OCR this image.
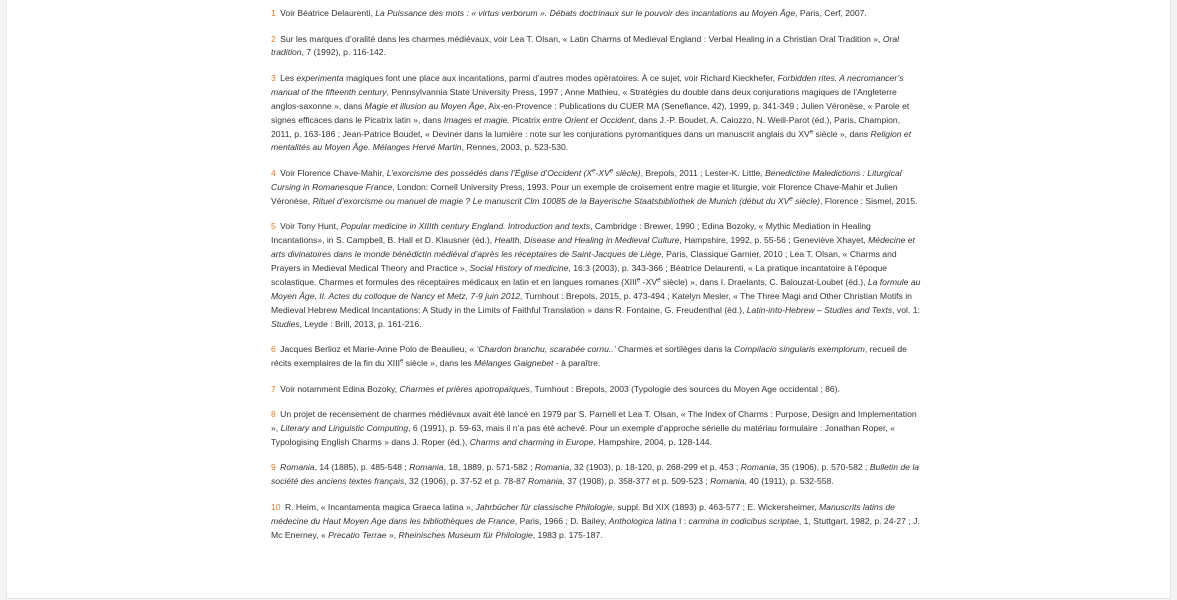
1 Voir Béatrice Delaurenti, La Puissance des mots : « virtus verborum ». Débats doctrinaux sur le pouvoir des incantations au Moyen Âge, Paris, Cerf, 2007.

2 Sur les marques d’oralité dans les charmes médiévaux, voir Lea T. Olsan, « Latin Charms of Medieval England : Verbal Healing in a Christian Oral Tradition », Oral tradition, 7 (1992), p. 116-142.

3 Les experimenta magiques font une place aux incantations, parmi d’autres modes opératoires. À ce sujet, voir Richard Kieckhefer, Forbidden rites. A necromancer’s manual of the fifteenth century, Pennsylvannia State University Press, 1997 ; Anne Mathieu, « Stratégies du double dans deux conjurations magiques de l’Angleterre anglos-saxonne », dans Magie et illusion au Moyen Âge, Aix-en-Provence : Publications du CUER MA (Senefiance, 42), 1999, p. 341-349 ; Julien Véronèse, « Parole et signes efficaces dans le Picatrix latin », dans Images et magie. Picatrix entre Orient et Occident, dans J.-P. Boudet, A. Caiozzo, N. Weill-Parot (éd.), Paris, Champion, 2011, p. 163-186 ; Jean-Patrice Boudet, « Deviner dans la lumière : note sur les conjurations pyromantiques dans un manuscrit anglais du XVe siècle », dans Religion et mentalités au Moyen Âge. Mélanges Hervé Martin, Rennes, 2003, p. 523-530.

4 Voir Florence Chave-Mahir, L’exorcisme des possédés dans l’Église d’Occident (Xe-XVe siècle), Brepols, 2011 ; Lester-K. Little, Benedictine Maledictions : Liturgical Cursing in Romanesque France, London: Cornell University Press, 1993. Pour un exemple de croisement entre magie et liturgie, voir Florence Chave-Mahir et Julien Véronèse, Rituel d’exorcisme ou manuel de magie ? Le manuscrit Clm 10085 de la Bayerische Staatsbibliothek de Munich (début du XVe siècle), Florence : Sismel, 2015.

5 Voir Tony Hunt, Popular medicine in XIIIth century England. Introduction and texts, Cambridge : Brewer, 1990 ; Edina Bozoky, « Mythic Mediation in Healing Incantations», in S. Campbell, B. Hall et D. Klausner (éd.), Health, Disease and Healing in Medieval Culture, Hampshire, 1992, p. 55-56 ; Geneviève Xhayet, Médecine et arts divinatoires dans le monde bénédictin médiéval d’après les réceptaires de Saint-Jacques de Liège, Paris, Classique Garnier, 2010 ; Lea T. Olsan, « Charms and Prayers in Medieval Medical Theory and Practice », Social History of medicine, 16:3 (2003), p. 343-366 ; Béatrice Delaurenti, « La pratique incantatoire à l’époque scolastique. Charmes et formules des réceptaires médicaux en latin et en langues romanes (XIIIe -XVe siècle) », dans I. Draelants, C. Balouzat-Loubet (éd.), La formule au Moyen Âge, II. Actes du colloque de Nancy et Metz, 7-9 juin 2012, Turnhout : Brepols, 2015, p. 473-494 ; Katelyn Mesler, « The Three Magi and Other Christian Motifs in Medieval Hebrew Medical Incantations: A Study in the Limits of Faithful Translation » dans R. Fontaine, G. Freudenthal (éd.), Latin-into-Hebrew – Studies and Texts, vol. 1: Studies, Leyde : Brill, 2013, p. 161-216.

6 Jacques Berlioz et Marie-Anne Polo de Beaulieu, « ‘Chardon branchu, scarabée cornu..’ Charmes et sortilèges dans la Compilacio singularis exemplorum, recueil de récits exemplaires de la fin du XIIIe siècle », dans les Mélanges Gaignebet - à paraître.

7 Voir notamment Edina Bozoky, Charmes et prières apotropaïques, Turnhout : Brepols, 2003 (Typologie des sources du Moyen Age occidental ; 86).

8 Un projet de recensement de charmes médiévaux avait été lancé en 1979 par S. Parnell et Lea T. Olsan, « The Index of Charms : Purpose, Design and Implementation », Literary and Linguistic Computing, 6 (1991), p. 59-63, mais il n’a pas été achevé. Pour un exemple d’approche sérielle du matériau formulaire : Jonathan Roper, « Typologising English Charms » dans J. Roper (éd.), Charms and charming in Europe, Hampshire, 2004, p. 128-144.

9 Romania, 14 (1885), p. 485-548 ; Romania, 18, 1889, p. 571-582 ; Romania, 32 (1903), p. 18-120, p. 268-299 et p. 453 ; Romania, 35 (1906), p. 570-582 ; Bulletin de la société des anciens textes français, 32 (1906), p. 37-52 et p. 78-87 Romania, 37 (1908), p. 358-377 et p. 509-523 ; Romania, 40 (1911), p. 532-558.

10 R. Heim, « Incantamenta magica Graeca latina », Jahrbücher für classische Philologie, suppl. Bd XIX (1893) p. 463-577 ; E. Wickersheimer, Manuscrits latins de médecine du Haut Moyen Age dans les bibliothèques de France, Paris, 1966 ; D. Bailey, Anthologica latina I : carmina in codicibus scriptae, 1, Stuttgart, 1982, p. 24-27 ; J. Mc Enerney, « Precatio Terrae », Rheinisches Museum für Philologie, 1983 p. 175-187.
